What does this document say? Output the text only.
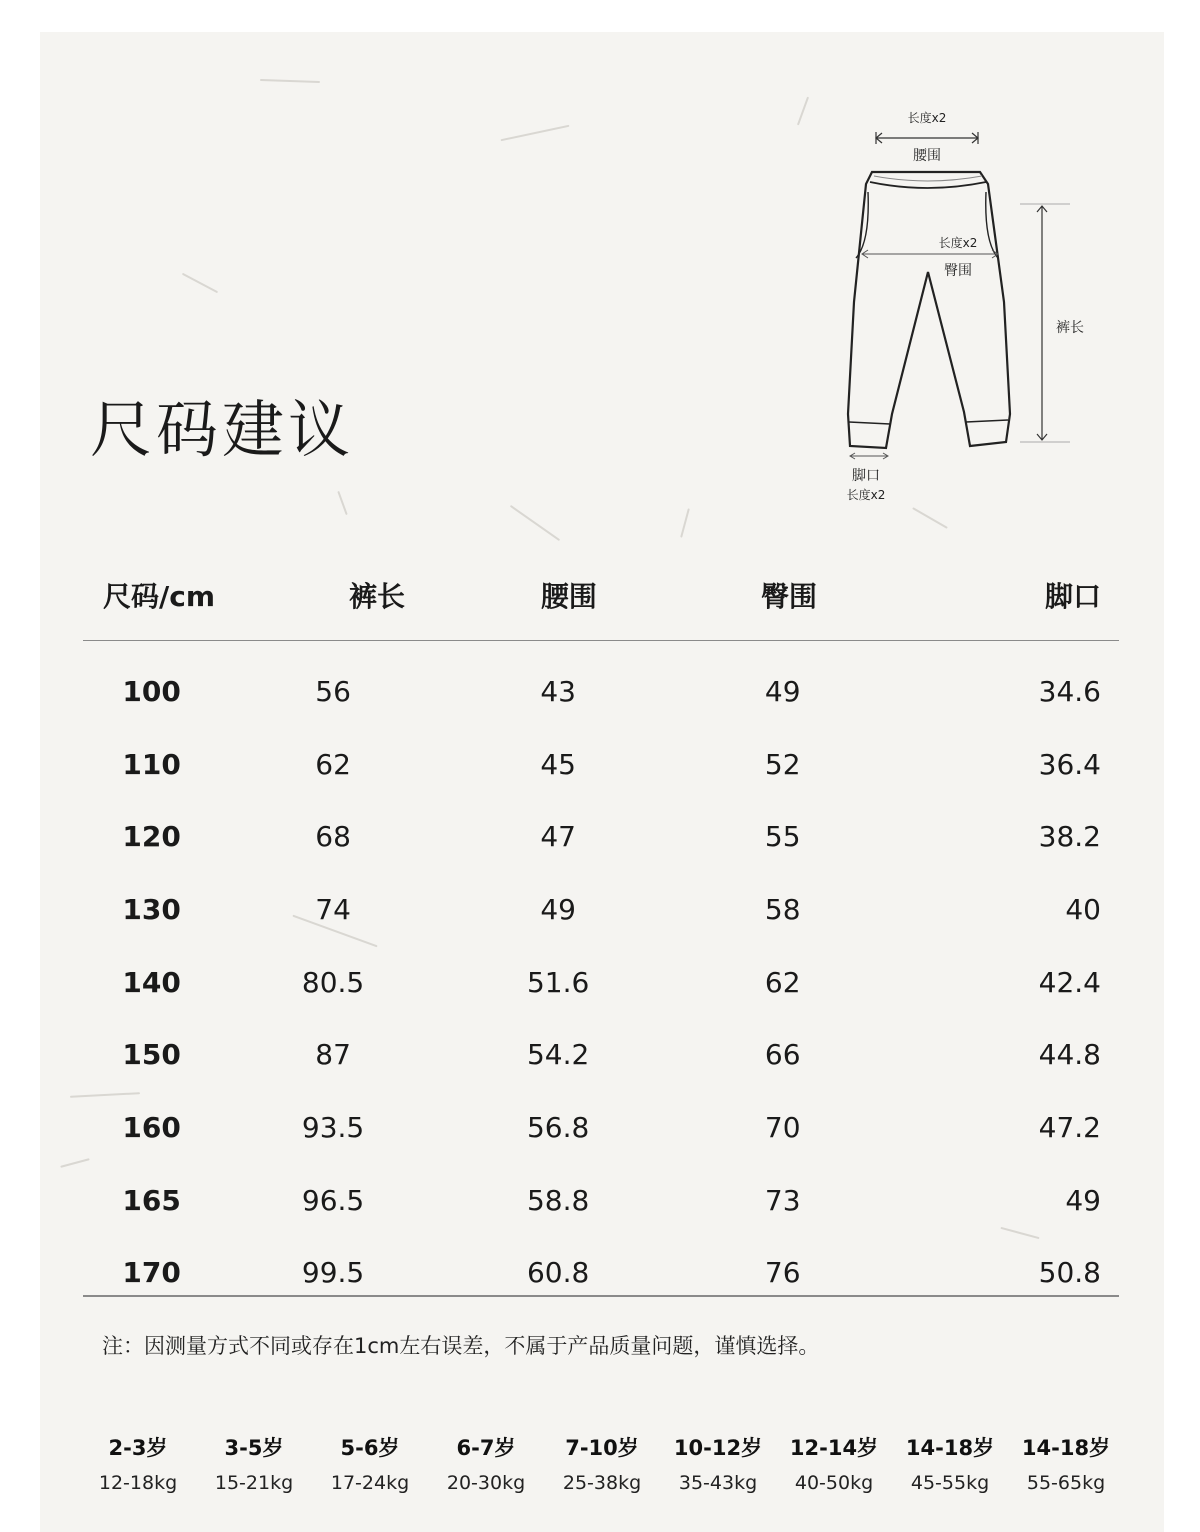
尺码建议
长度x2
腰围
长度x2
臀围
裤长
脚口
长度x2
尺码/cm	裤长	腰围	臀围	脚口
100	56	43	49	34.6
110	62	45	52	36.4
120	68	47	55	38.2
130	74	49	58	40
140	80.5	51.6	62	42.4
150	87	54.2	66	44.8
160	93.5	56.8	70	47.2
165	96.5	58.8	73	49
170	99.5	60.8	76	50.8
注：因测量方式不同或存在1cm左右误差，不属于产品质量问题，谨慎选择。
2-3岁
12-18kg
3-5岁
15-21kg
5-6岁
17-24kg
6-7岁
20-30kg
7-10岁
25-38kg
10-12岁
35-43kg
12-14岁
40-50kg
14-18岁
45-55kg
14-18岁
55-65kg
